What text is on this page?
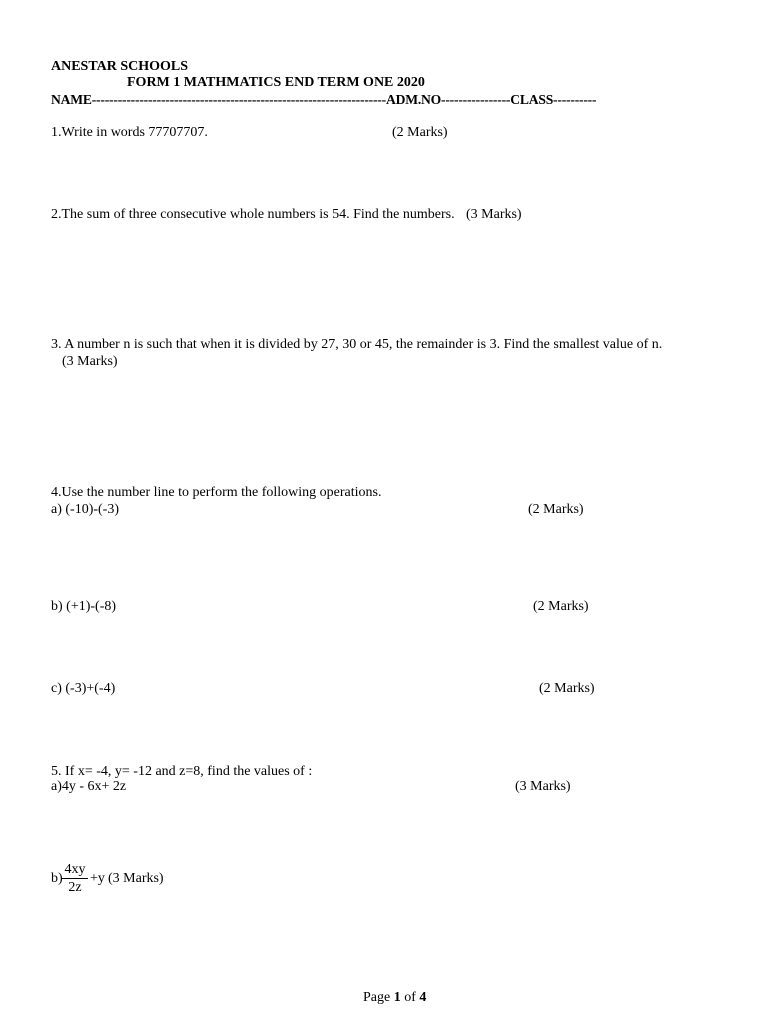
ANESTAR SCHOOLS
FORM 1 MATHMATICS END TERM ONE 2020
NAME--------------------------------------------------------------------ADM.NO----------------CLASS----------
1.Write in words 77707707.	(2 Marks)
2.The sum of three consecutive whole numbers is 54. Find the numbers. (3 Marks)
3. A number n is such that when it is divided by 27, 30 or 45, the remainder is 3. Find the smallest value of n.
(3 Marks)
4.Use the number line to perform the following operations.
a) (-10)-(-3)	(2 Marks)
b) (+1)-(-8)	(2 Marks)
c) (-3)+(-4)	(2 Marks)
5. If x= -4, y= -12 and z=8, find the values of :
a)4y - 6x+ 2z	(3 Marks)
b)
4xy
2z
+y (3 Marks)
Page 1 of 4
